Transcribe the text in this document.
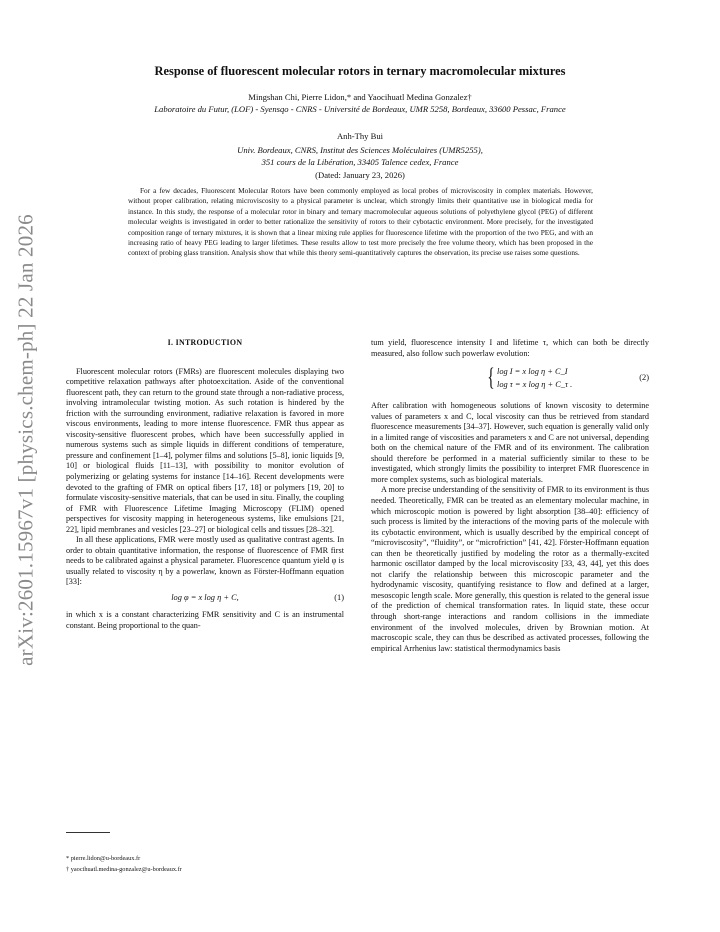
arXiv:2601.15967v1 [physics.chem-ph] 22 Jan 2026
Response of fluorescent molecular rotors in ternary macromolecular mixtures
Mingshan Chi, Pierre Lidon,* and Yaocihuatl Medina Gonzalez†
Laboratoire du Futur, (LOF) - Syensqo - CNRS - Université de Bordeaux, UMR 5258, Bordeaux, 33600 Pessac, France
Anh-Thy Bui
Univ. Bordeaux, CNRS, Institut des Sciences Moléculaires (UMR5255),
351 cours de la Libération, 33405 Talence cedex, France
(Dated: January 23, 2026)
For a few decades, Fluorescent Molecular Rotors have been commonly employed as local probes of microviscosity in complex materials. However, without proper calibration, relating microviscosity to a physical parameter is unclear, which strongly limits their quantitative use in biological media for instance. In this study, the response of a molecular rotor in binary and ternary macromolecular aqueous solutions of polyethylene glycol (PEG) of different molecular weights is investigated in order to better rationalize the sensitivity of rotors to their cybotactic environment. More precisely, for the investigated composition range of ternary mixtures, it is shown that a linear mixing rule applies for fluorescence lifetime with the proportion of the two PEG, and with an increasing ratio of heavy PEG leading to larger lifetimes. These results allow to test more precisely the free volume theory, which has been proposed in the context of probing glass transition. Analysis show that while this theory semi-quantitatively captures the observation, its precise use raises some questions.
I. INTRODUCTION

Fluorescent molecular rotors (FMRs) are fluorescent molecules displaying two competitive relaxation pathways after photoexcitation. Aside of the conventional fluorescent path, they can return to the ground state through a non-radiative process, involving intramolecular twisting motion. As such rotation is hindered by the friction with the surrounding environment, radiative relaxation is favored in more viscous environments, leading to more intense fluorescence. FMR thus appear as viscosity-sensitive fluorescent probes, which have been successfully applied in numerous systems such as simple liquids in different conditions of temperature, pressure and confinement [1–4], polymer films and solutions [5–8], ionic liquids [9, 10] or biological fluids [11–13], with possibility to monitor evolution of polymerizing or gelating systems for instance [14–16]. Recent developments were devoted to the grafting of FMR on optical fibers [17, 18] or polymers [19, 20] to formulate viscosity-sensitive materials, that can be used in situ. Finally, the coupling of FMR with Fluorescence Lifetime Imaging Microscopy (FLIM) opened perspectives for viscosity mapping in heterogeneous systems, like emulsions [21, 22], lipid membranes and vesicles [23–27] or biological cells and tissues [28–32].

In all these applications, FMR were mostly used as qualitative contrast agents. In order to obtain quantitative information, the response of fluorescence of FMR first needs to be calibrated against a physical parameter. Fluorescence quantum yield φ is usually related to viscosity η by a powerlaw, known as Förster-Hoffmann equation [33]:

log φ = x log η + C,	(1)

in which x is a constant characterizing FMR sensitivity and C is an instrumental constant. Being proportional to the quan-

tum yield, fluorescence intensity I and lifetime τ, which can both be directly measured, also follow such powerlaw evolution:

{ log I = x log η + C_I
log τ = x log η + C_τ .
(2)

After calibration with homogeneous solutions of known viscosity to determine values of parameters x and C, local viscosity can thus be retrieved from standard fluorescence measurements [34–37]. However, such equation is generally valid only in a limited range of viscosities and parameters x and C are not universal, depending both on the chemical nature of the FMR and of its environment. The calibration should therefore be performed in a material sufficiently similar to these to be investigated, which strongly limits the possibility to interpret FMR fluorescence in more complex systems, such as biological materials.

A more precise understanding of the sensitivity of FMR to its environment is thus needed. Theoretically, FMR can be treated as an elementary molecular machine, in which microscopic motion is powered by light absorption [38–40]: efficiency of such process is limited by the interactions of the moving parts of the molecule with its cybotactic environment, which is usually described by the empirical concept of “microviscosity”, “fluidity”, or “microfriction” [41, 42]. Förster-Hoffmann equation can then be theoretically justified by modeling the rotor as a thermally-excited harmonic oscillator damped by the local microviscosity [33, 43, 44], yet this does not clarify the relationship between this microscopic parameter and the hydrodynamic viscosity, quantifying resistance to flow and defined at a larger, mesoscopic length scale. More generally, this question is related to the general issue of the prediction of chemical transformation rates. In liquid state, these occur through short-range interactions and random collisions in the immediate environment of the involved molecules, driven by Brownian motion. At macroscopic scale, they can thus be described as activated processes, following the empirical Arrhenius law: statistical thermodynamics basis

* pierre.lidon@u-bordeaux.fr
† yaocihuatl.medina-gonzalez@u-bordeaux.fr
